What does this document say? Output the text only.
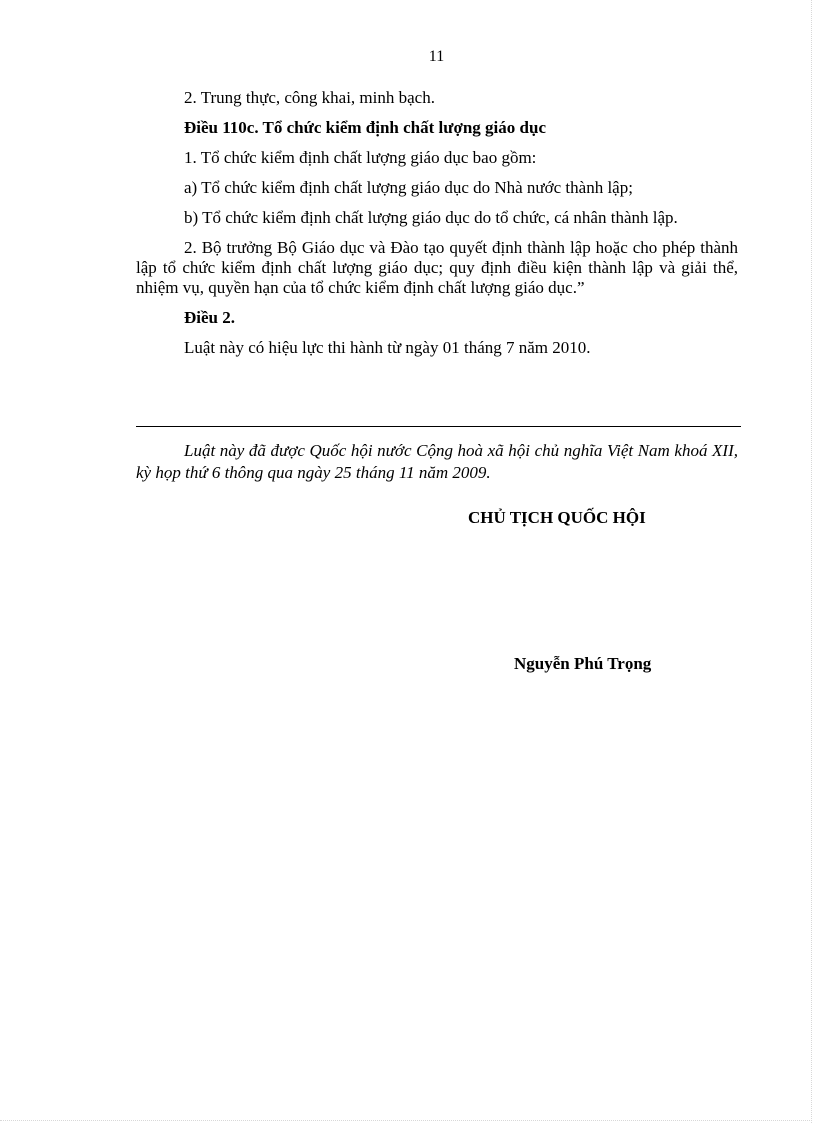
11

2. Trung thực, công khai, minh bạch.

Điều 110c. Tổ chức kiểm định chất lượng giáo dục

1. Tổ chức kiểm định chất lượng giáo dục bao gồm:

a) Tổ chức kiểm định chất lượng giáo dục do Nhà nước thành lập;

b) Tổ chức kiểm định chất lượng giáo dục do tổ chức, cá nhân thành lập.

2. Bộ trưởng Bộ Giáo dục và Đào tạo quyết định thành lập hoặc cho phép thành lập tổ chức kiểm định chất lượng giáo dục; quy định điều kiện thành lập và giải thể, nhiệm vụ, quyền hạn của tổ chức kiểm định chất lượng giáo dục.”

Điều 2.

Luật này có hiệu lực thi hành từ ngày 01 tháng 7 năm 2010.

Luật này đã được Quốc hội nước Cộng hoà xã hội chủ nghĩa Việt Nam khoá XII, kỳ họp thứ 6 thông qua ngày 25 tháng 11 năm 2009.

CHỦ TỊCH QUỐC HỘI
Nguyễn Phú Trọng
